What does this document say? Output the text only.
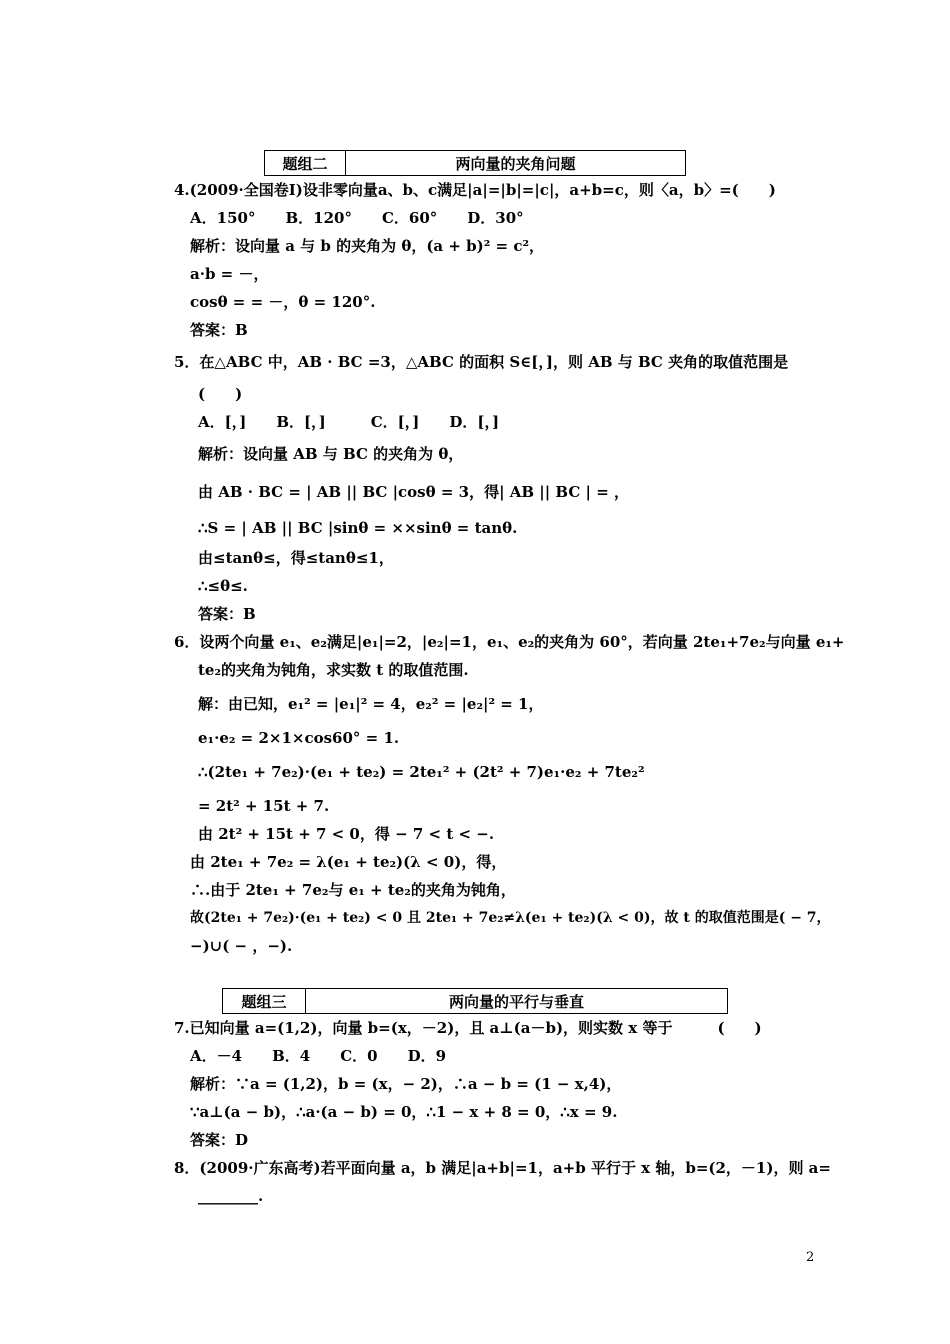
题组二	两向量的夹角问题
4.(2009·全国卷Ⅰ)设非零向量a、b、c满足|a|=|b|=|c|，a+b=c，则〈a，b〉=(　　)
A．150°　　B．120°　　C．60°　　D．30°
解析：设向量 a 与 b 的夹角为 θ，(a + b)² = c²，
a·b = －，
cosθ = = －，θ = 120°.
答案：B
5．在△ABC 中，AB · BC =3，△ABC 的面积 S∈[，]，则 AB 与 BC 夹角的取值范围是
(　　)
A．[，]　　B．[，]　　　C．[，]　　D．[，]
解析：设向量 AB 与 BC 的夹角为 θ，
由 AB · BC = | AB || BC |cosθ = 3，得| AB || BC | = ，
∴S = | AB || BC |sinθ = ××sinθ = tanθ.
由≤tanθ≤，得≤tanθ≤1，
∴≤θ≤.
答案：B
6．设两个向量 e₁、e₂满足|e₁|=2，|e₂|=1，e₁、e₂的夹角为 60°，若向量 2te₁+7e₂与向量 e₁+
te₂的夹角为钝角，求实数 t 的取值范围.
解：由已知，e₁² = |e₁|² = 4，e₂² = |e₂|² = 1，
e₁·e₂ = 2×1×cos60° = 1.
∴(2te₁ + 7e₂)·(e₁ + te₂) = 2te₁² + (2t² + 7)e₁·e₂ + 7te₂²
= 2t² + 15t + 7.
由 2t² + 15t + 7 < 0，得 − 7 < t < −.
由 2te₁ + 7e₂ = λ(e₁ + te₂)(λ < 0)，得，
∴.由于 2te₁ + 7e₂与 e₁ + te₂的夹角为钝角，
故(2te₁ + 7e₂)·(e₁ + te₂) < 0 且 2te₁ + 7e₂≠λ(e₁ + te₂)(λ < 0)，故 t 的取值范围是( − 7，
−)∪( − ，−).
题组三	两向量的平行与垂直
7.已知向量 a=(1,2)，向量 b=(x，－2)，且 a⊥(a－b)，则实数 x 等于　　　(　　)
A．－4　　B．4　　C．0　　D．9
解析：∵a = (1,2)，b = (x，− 2)，∴a − b = (1 − x,4)，
∵a⊥(a − b)，∴a·(a − b) = 0，∴1 − x + 8 = 0，∴x = 9.
答案：D
8．(2009·广东高考)若平面向量 a，b 满足|a+b|=1，a+b 平行于 x 轴，b=(2，－1)，则 a=
________.
2
